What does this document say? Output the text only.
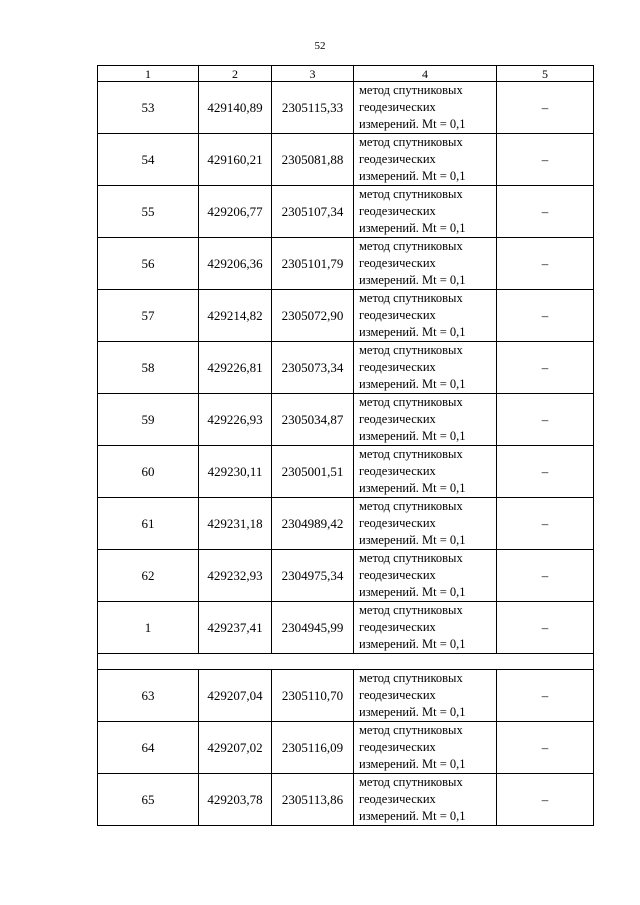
52
1	2	3	4	5
53	429140,89	2305115,33	метод спутниковых
геодезических
измерений. Mt = 0,1	–
54	429160,21	2305081,88	метод спутниковых
геодезических
измерений. Mt = 0,1	–
55	429206,77	2305107,34	метод спутниковых
геодезических
измерений. Mt = 0,1	–
56	429206,36	2305101,79	метод спутниковых
геодезических
измерений. Mt = 0,1	–
57	429214,82	2305072,90	метод спутниковых
геодезических
измерений. Mt = 0,1	–
58	429226,81	2305073,34	метод спутниковых
геодезических
измерений. Mt = 0,1	–
59	429226,93	2305034,87	метод спутниковых
геодезических
измерений. Mt = 0,1	–
60	429230,11	2305001,51	метод спутниковых
геодезических
измерений. Mt = 0,1	–
61	429231,18	2304989,42	метод спутниковых
геодезических
измерений. Mt = 0,1	–
62	429232,93	2304975,34	метод спутниковых
геодезических
измерений. Mt = 0,1	–
1	429237,41	2304945,99	метод спутниковых
геодезических
измерений. Mt = 0,1	–

63	429207,04	2305110,70	метод спутниковых
геодезических
измерений. Mt = 0,1	–
64	429207,02	2305116,09	метод спутниковых
геодезических
измерений. Mt = 0,1	–
65	429203,78	2305113,86	метод спутниковых
геодезических
измерений. Mt = 0,1	–
